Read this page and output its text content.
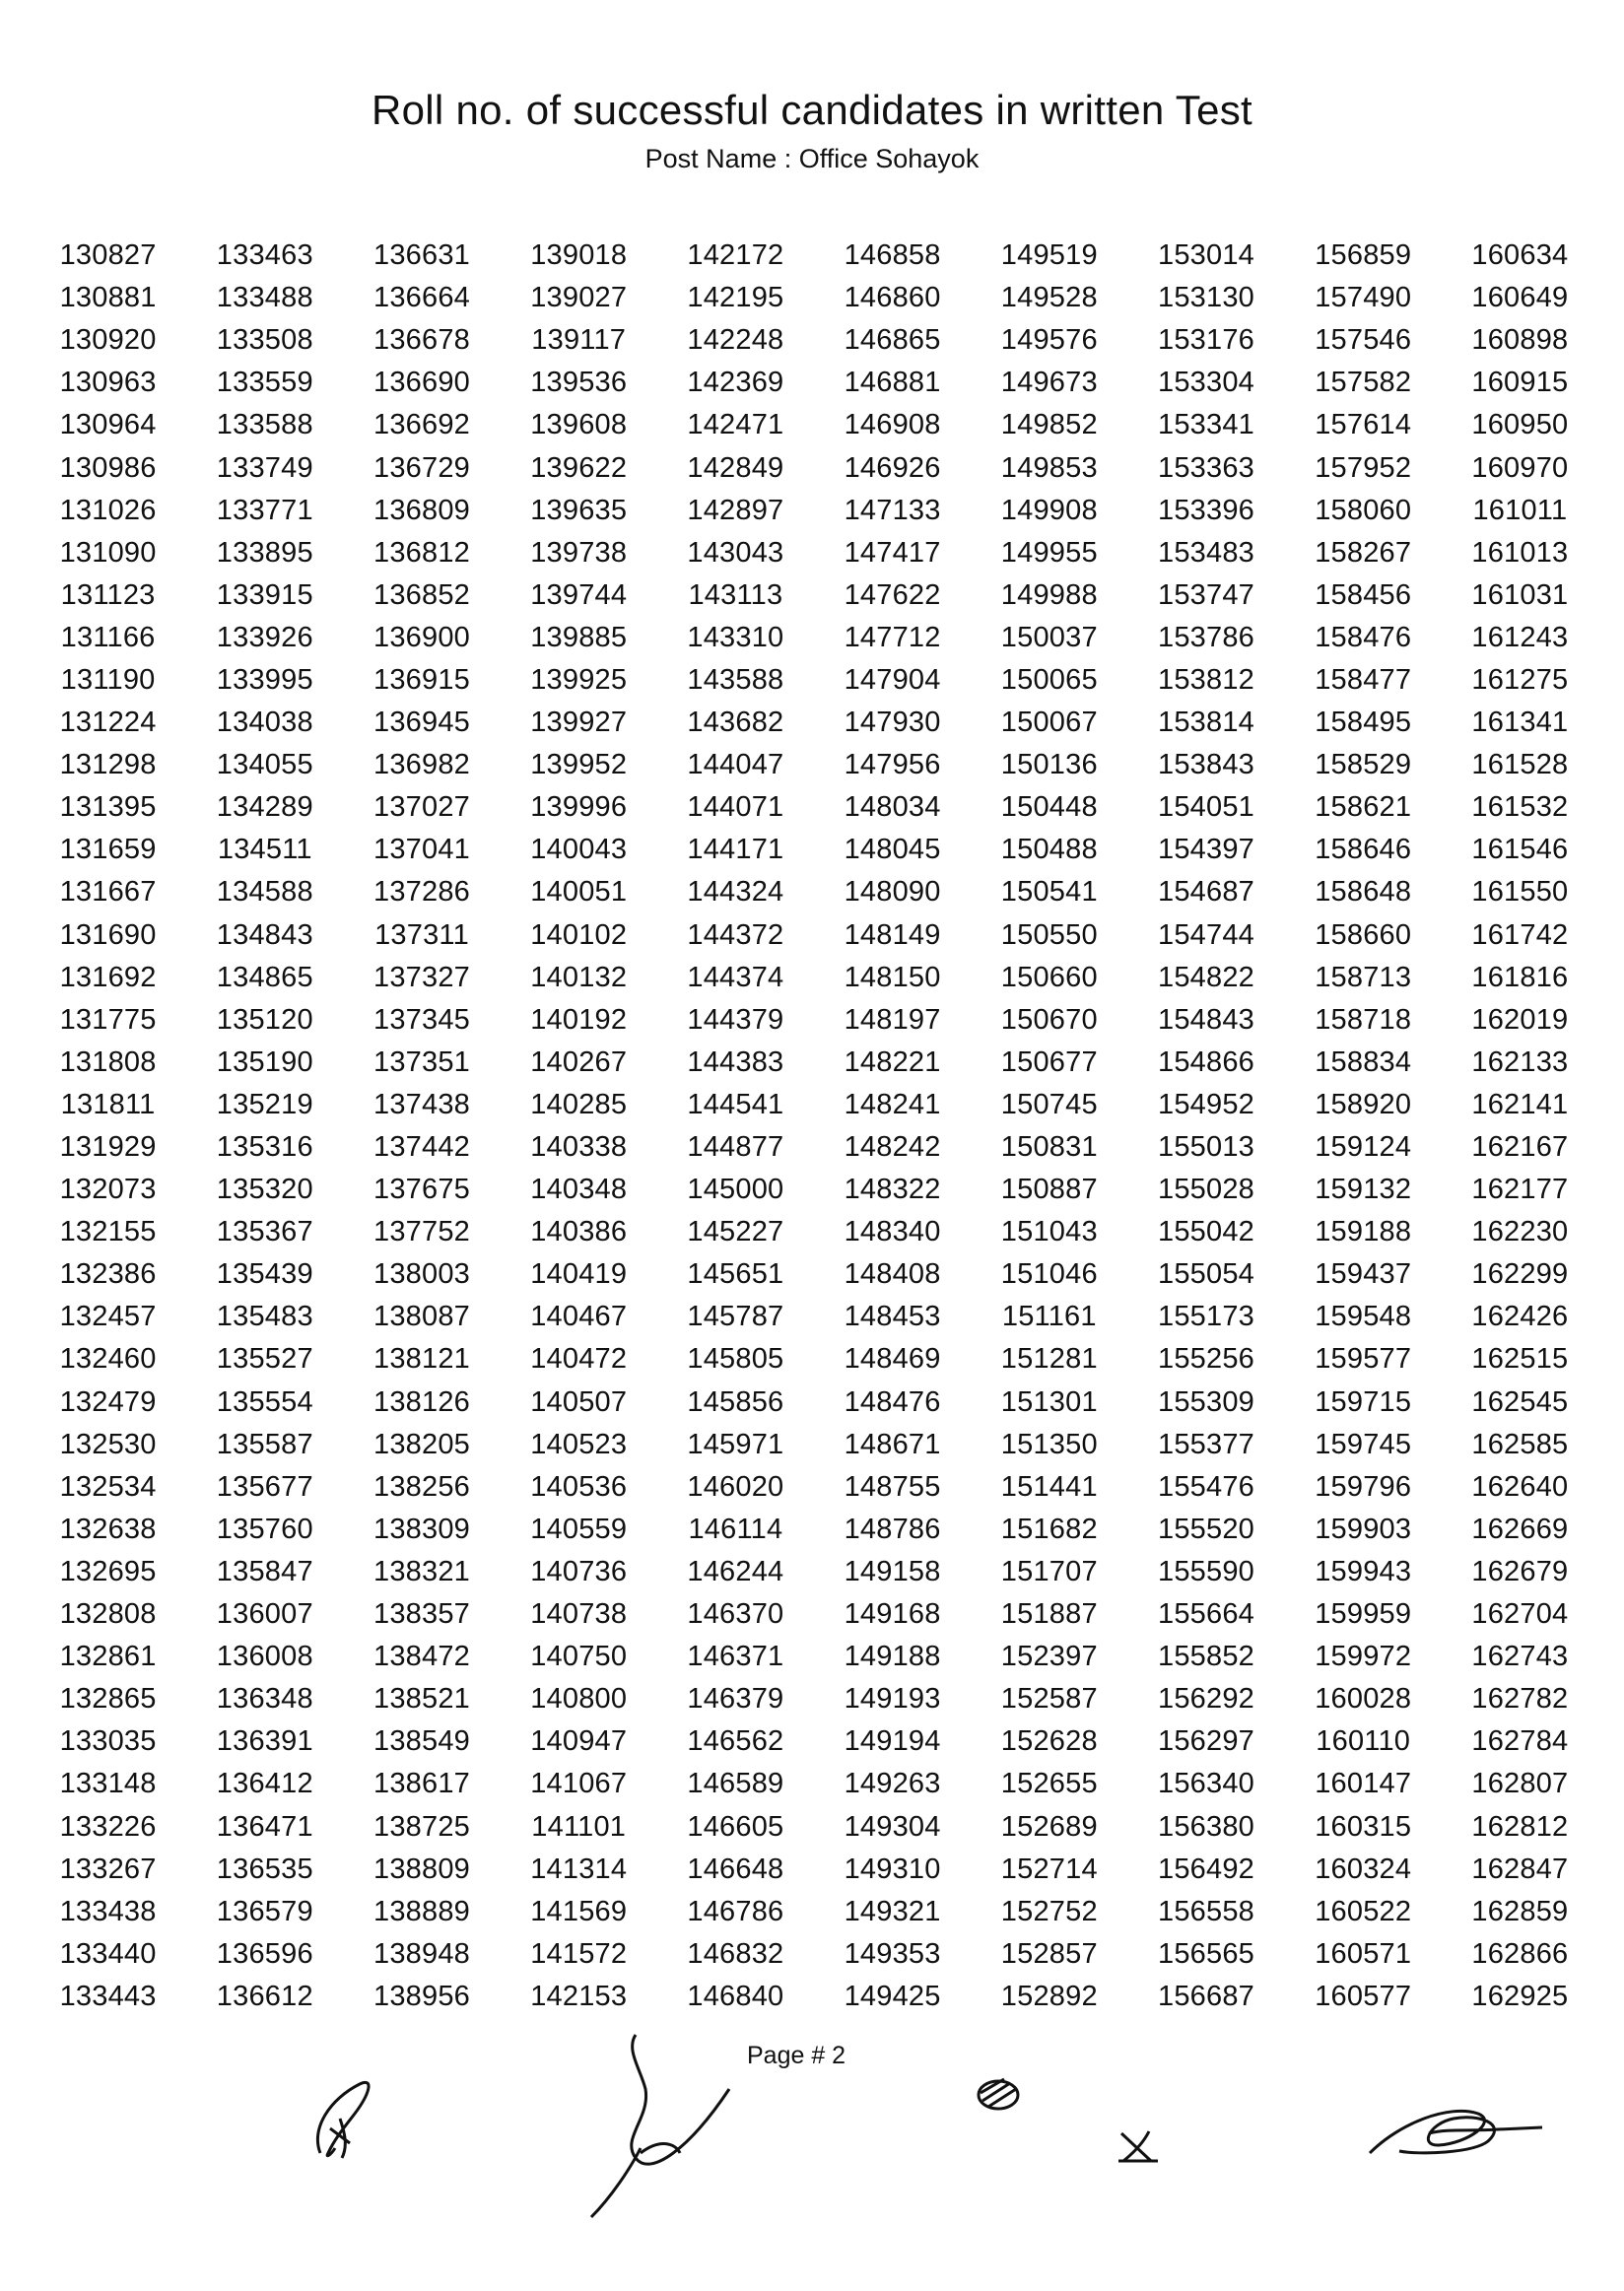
Roll no. of successful candidates in written Test
Post Name : Office Sohayok
130827	133463	136631	139018	142172	146858	149519	153014	156859	160634
130881	133488	136664	139027	142195	146860	149528	153130	157490	160649
130920	133508	136678	139117	142248	146865	149576	153176	157546	160898
130963	133559	136690	139536	142369	146881	149673	153304	157582	160915
130964	133588	136692	139608	142471	146908	149852	153341	157614	160950
130986	133749	136729	139622	142849	146926	149853	153363	157952	160970
131026	133771	136809	139635	142897	147133	149908	153396	158060	161011
131090	133895	136812	139738	143043	147417	149955	153483	158267	161013
131123	133915	136852	139744	143113	147622	149988	153747	158456	161031
131166	133926	136900	139885	143310	147712	150037	153786	158476	161243
131190	133995	136915	139925	143588	147904	150065	153812	158477	161275
131224	134038	136945	139927	143682	147930	150067	153814	158495	161341
131298	134055	136982	139952	144047	147956	150136	153843	158529	161528
131395	134289	137027	139996	144071	148034	150448	154051	158621	161532
131659	134511	137041	140043	144171	148045	150488	154397	158646	161546
131667	134588	137286	140051	144324	148090	150541	154687	158648	161550
131690	134843	137311	140102	144372	148149	150550	154744	158660	161742
131692	134865	137327	140132	144374	148150	150660	154822	158713	161816
131775	135120	137345	140192	144379	148197	150670	154843	158718	162019
131808	135190	137351	140267	144383	148221	150677	154866	158834	162133
131811	135219	137438	140285	144541	148241	150745	154952	158920	162141
131929	135316	137442	140338	144877	148242	150831	155013	159124	162167
132073	135320	137675	140348	145000	148322	150887	155028	159132	162177
132155	135367	137752	140386	145227	148340	151043	155042	159188	162230
132386	135439	138003	140419	145651	148408	151046	155054	159437	162299
132457	135483	138087	140467	145787	148453	151161	155173	159548	162426
132460	135527	138121	140472	145805	148469	151281	155256	159577	162515
132479	135554	138126	140507	145856	148476	151301	155309	159715	162545
132530	135587	138205	140523	145971	148671	151350	155377	159745	162585
132534	135677	138256	140536	146020	148755	151441	155476	159796	162640
132638	135760	138309	140559	146114	148786	151682	155520	159903	162669
132695	135847	138321	140736	146244	149158	151707	155590	159943	162679
132808	136007	138357	140738	146370	149168	151887	155664	159959	162704
132861	136008	138472	140750	146371	149188	152397	155852	159972	162743
132865	136348	138521	140800	146379	149193	152587	156292	160028	162782
133035	136391	138549	140947	146562	149194	152628	156297	160110	162784
133148	136412	138617	141067	146589	149263	152655	156340	160147	162807
133226	136471	138725	141101	146605	149304	152689	156380	160315	162812
133267	136535	138809	141314	146648	149310	152714	156492	160324	162847
133438	136579	138889	141569	146786	149321	152752	156558	160522	162859
133440	136596	138948	141572	146832	149353	152857	156565	160571	162866
133443	136612	138956	142153	146840	149425	152892	156687	160577	162925
Page # 2
